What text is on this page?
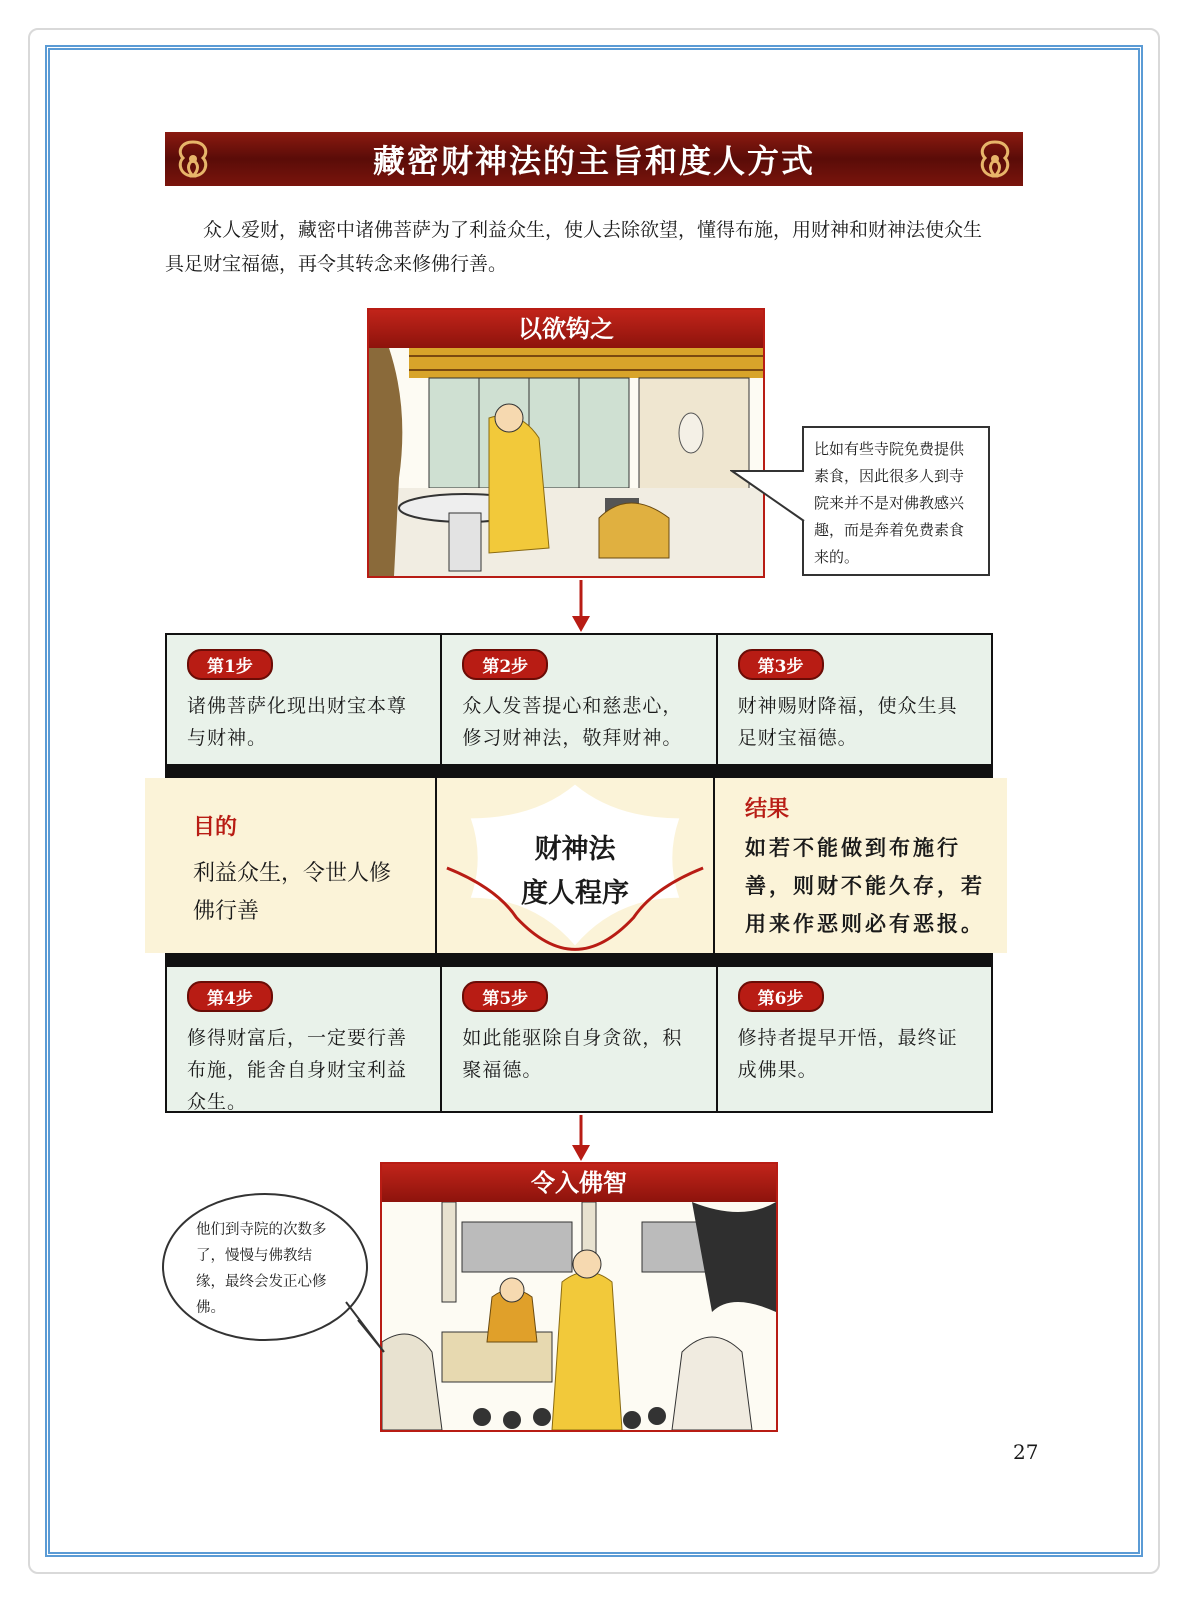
藏密财神法的主旨和度人方式
众人爱财，藏密中诸佛菩萨为了利益众生，使人去除欲望，懂得布施，用财神和财神法使众生具足财宝福德，再令其转念来修佛行善。
以欲钩之
比如有些寺院免费提供素食，因此很多人到寺院来并不是对佛教感兴趣，而是奔着免费素食来的。
第1步
诸佛菩萨化现出财宝本尊与财神。
第2步
众人发菩提心和慈悲心，修习财神法，敬拜财神。
第3步
财神赐财降福，使众生具足财宝福德。
目的
利益众生，令世人修佛行善
财神法
度人程序
结果
如若不能做到布施行善，则财不能久存，若用来作恶则必有恶报。
第4步
修得财富后，一定要行善布施，能舍自身财宝利益众生。
第5步
如此能驱除自身贪欲，积聚福德。
第6步
修持者提早开悟，最终证成佛果。
令入佛智
他们到寺院的次数多了，慢慢与佛教结缘，最终会发正心修佛。
27
